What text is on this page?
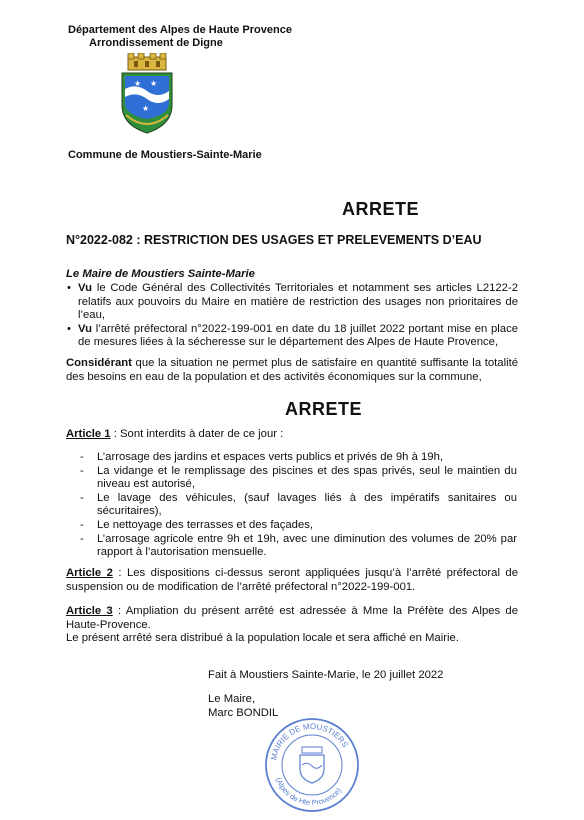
Département des Alpes de Haute Provence
Arrondissement de Digne
★ ★
★
Commune de Moustiers-Sainte-Marie
ARRETE
N°2022-082 : RESTRICTION DES USAGES ET PRELEVEMENTS D’EAU
Le Maire de Moustiers Sainte-Marie
• Vu le Code Général des Collectivités Territoriales et notamment ses articles L2122-2 relatifs aux pouvoirs du Maire en matière de restriction des usages non prioritaires de l’eau,
• Vu l’arrêté préfectoral n°2022-199-001 en date du 18 juillet 2022 portant mise en place de mesures liées à la sécheresse sur le département des Alpes de Haute Provence,
Considérant que la situation ne permet plus de satisfaire en quantité suffisante la totalité des besoins en eau de la population et des activités économiques sur la commune,
ARRETE
Article 1 : Sont interdits à dater de ce jour :
- L’arrosage des jardins et espaces verts publics et privés de 9h à 19h,
- La vidange et le remplissage des piscines et des spas privés, seul le maintien du niveau est autorisé,
- Le lavage des véhicules, (sauf lavages liés à des impératifs sanitaires ou sécuritaires),
- Le nettoyage des terrasses et des façades,
- L’arrosage agricole entre 9h et 19h, avec une diminution des volumes de 20% par rapport à l’autorisation mensuelle.
Article 2 : Les dispositions ci-dessus seront appliquées jusqu’à l’arrêté préfectoral de suspension ou de modification de l’arrêté préfectoral n°2022-199-001.
Article 3 : Ampliation du présent arrêté est adressée à Mme la Préfète des Alpes de Haute-Provence.
Le présent arrêté sera distribué à la population locale et sera affiché en Mairie.
Fait à Moustiers Sainte-Marie, le 20 juillet 2022
Le Maire,
Marc BONDIL
MAIRIE DE MOUSTIERS
(Alpes de Hte Provence)
